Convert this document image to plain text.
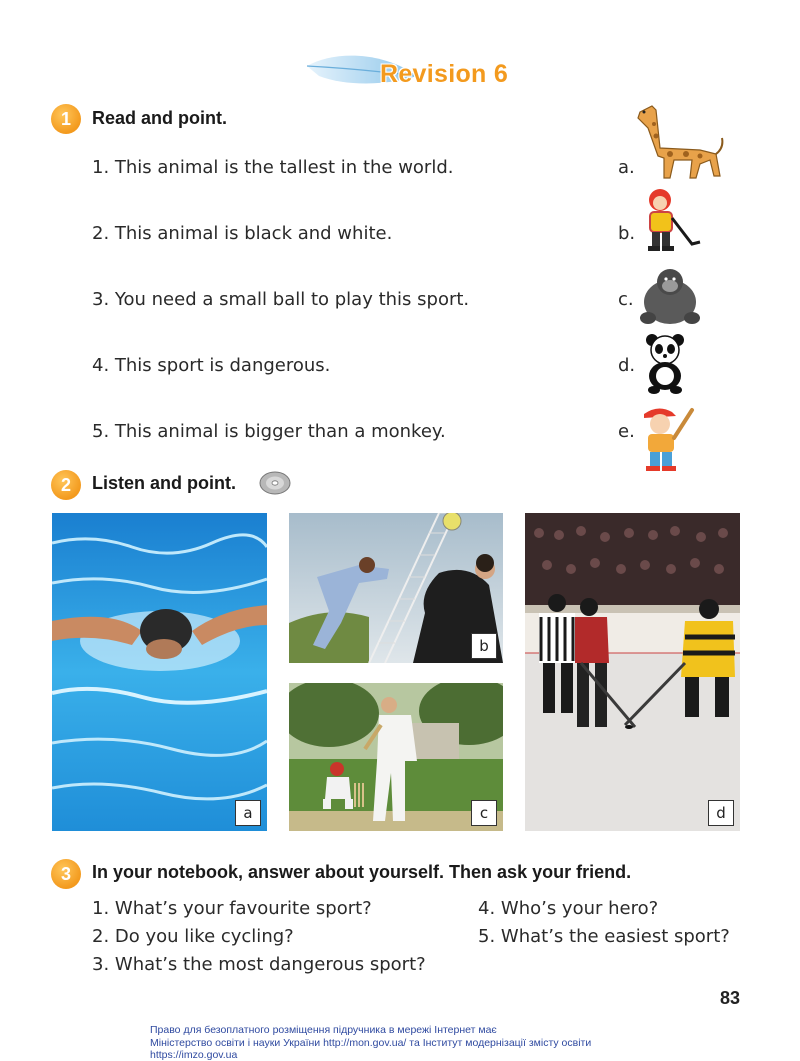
Revision 6
1	Read and point.
1. This animal is the tallest in the world.
2. This animal is black and white.
3. You need a small ball to play this sport.
4. This sport is dangerous.
5. This animal is bigger than a monkey.
a.
b.
c.
d.
e.
2	Listen and point.
a
b
c	d
3	In your notebook, answer about yourself. Then ask your friend.
1. What’s your favourite sport?
2. Do you like cycling?
3. What’s the most dangerous sport?
4. Who’s your hero?
5. What’s the easiest sport?
83
Право для безоплатного розміщення підручника в мережі Інтернет має
Міністерство освіти і науки України http://mon.gov.ua/ та Інститут модернізації змісту освіти https://imzo.gov.ua
